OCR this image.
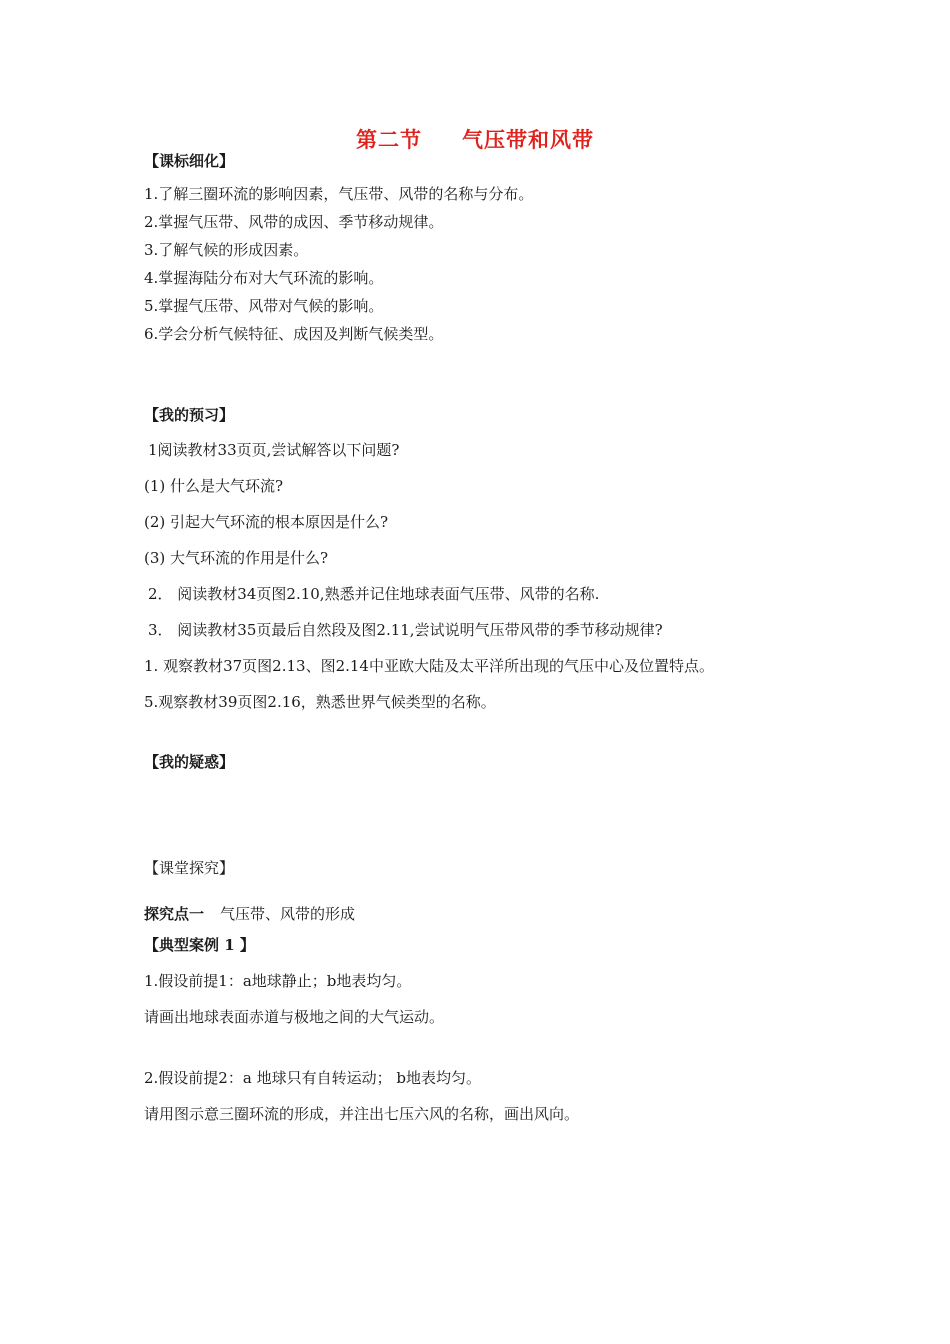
第二节 气压带和风带
【课标细化】
1.了解三圈环流的影响因素，气压带、风带的名称与分布。
2.掌握气压带、风带的成因、季节移动规律。
3.了解气候的形成因素。
4.掌握海陆分布对大气环流的影响。
5.掌握气压带、风带对气候的影响。
6.学会分析气候特征、成因及判断气候类型。
【我的预习】
1阅读教材33页页,尝试解答以下问题?
(1) 什么是大气环流?
(2) 引起大气环流的根本原因是什么?
(3) 大气环流的作用是什么?
2． 阅读教材34页图2.10,熟悉并记住地球表面气压带、风带的名称.
3． 阅读教材35页最后自然段及图2.11,尝试说明气压带风带的季节移动规律?
1. 观察教材37页图2.13、图2.14中亚欧大陆及太平洋所出现的气压中心及位置特点。
5.观察教材39页图2.16，熟悉世界气候类型的名称。
【我的疑惑】
【课堂探究】
探究点一 气压带、风带的形成
【典型案例 1 】
1.假设前提1：a地球静止；b地表均匀。
请画出地球表面赤道与极地之间的大气运动。
2.假设前提2：a 地球只有自转运动； b地表均匀。
请用图示意三圈环流的形成，并注出七压六风的名称，画出风向。
